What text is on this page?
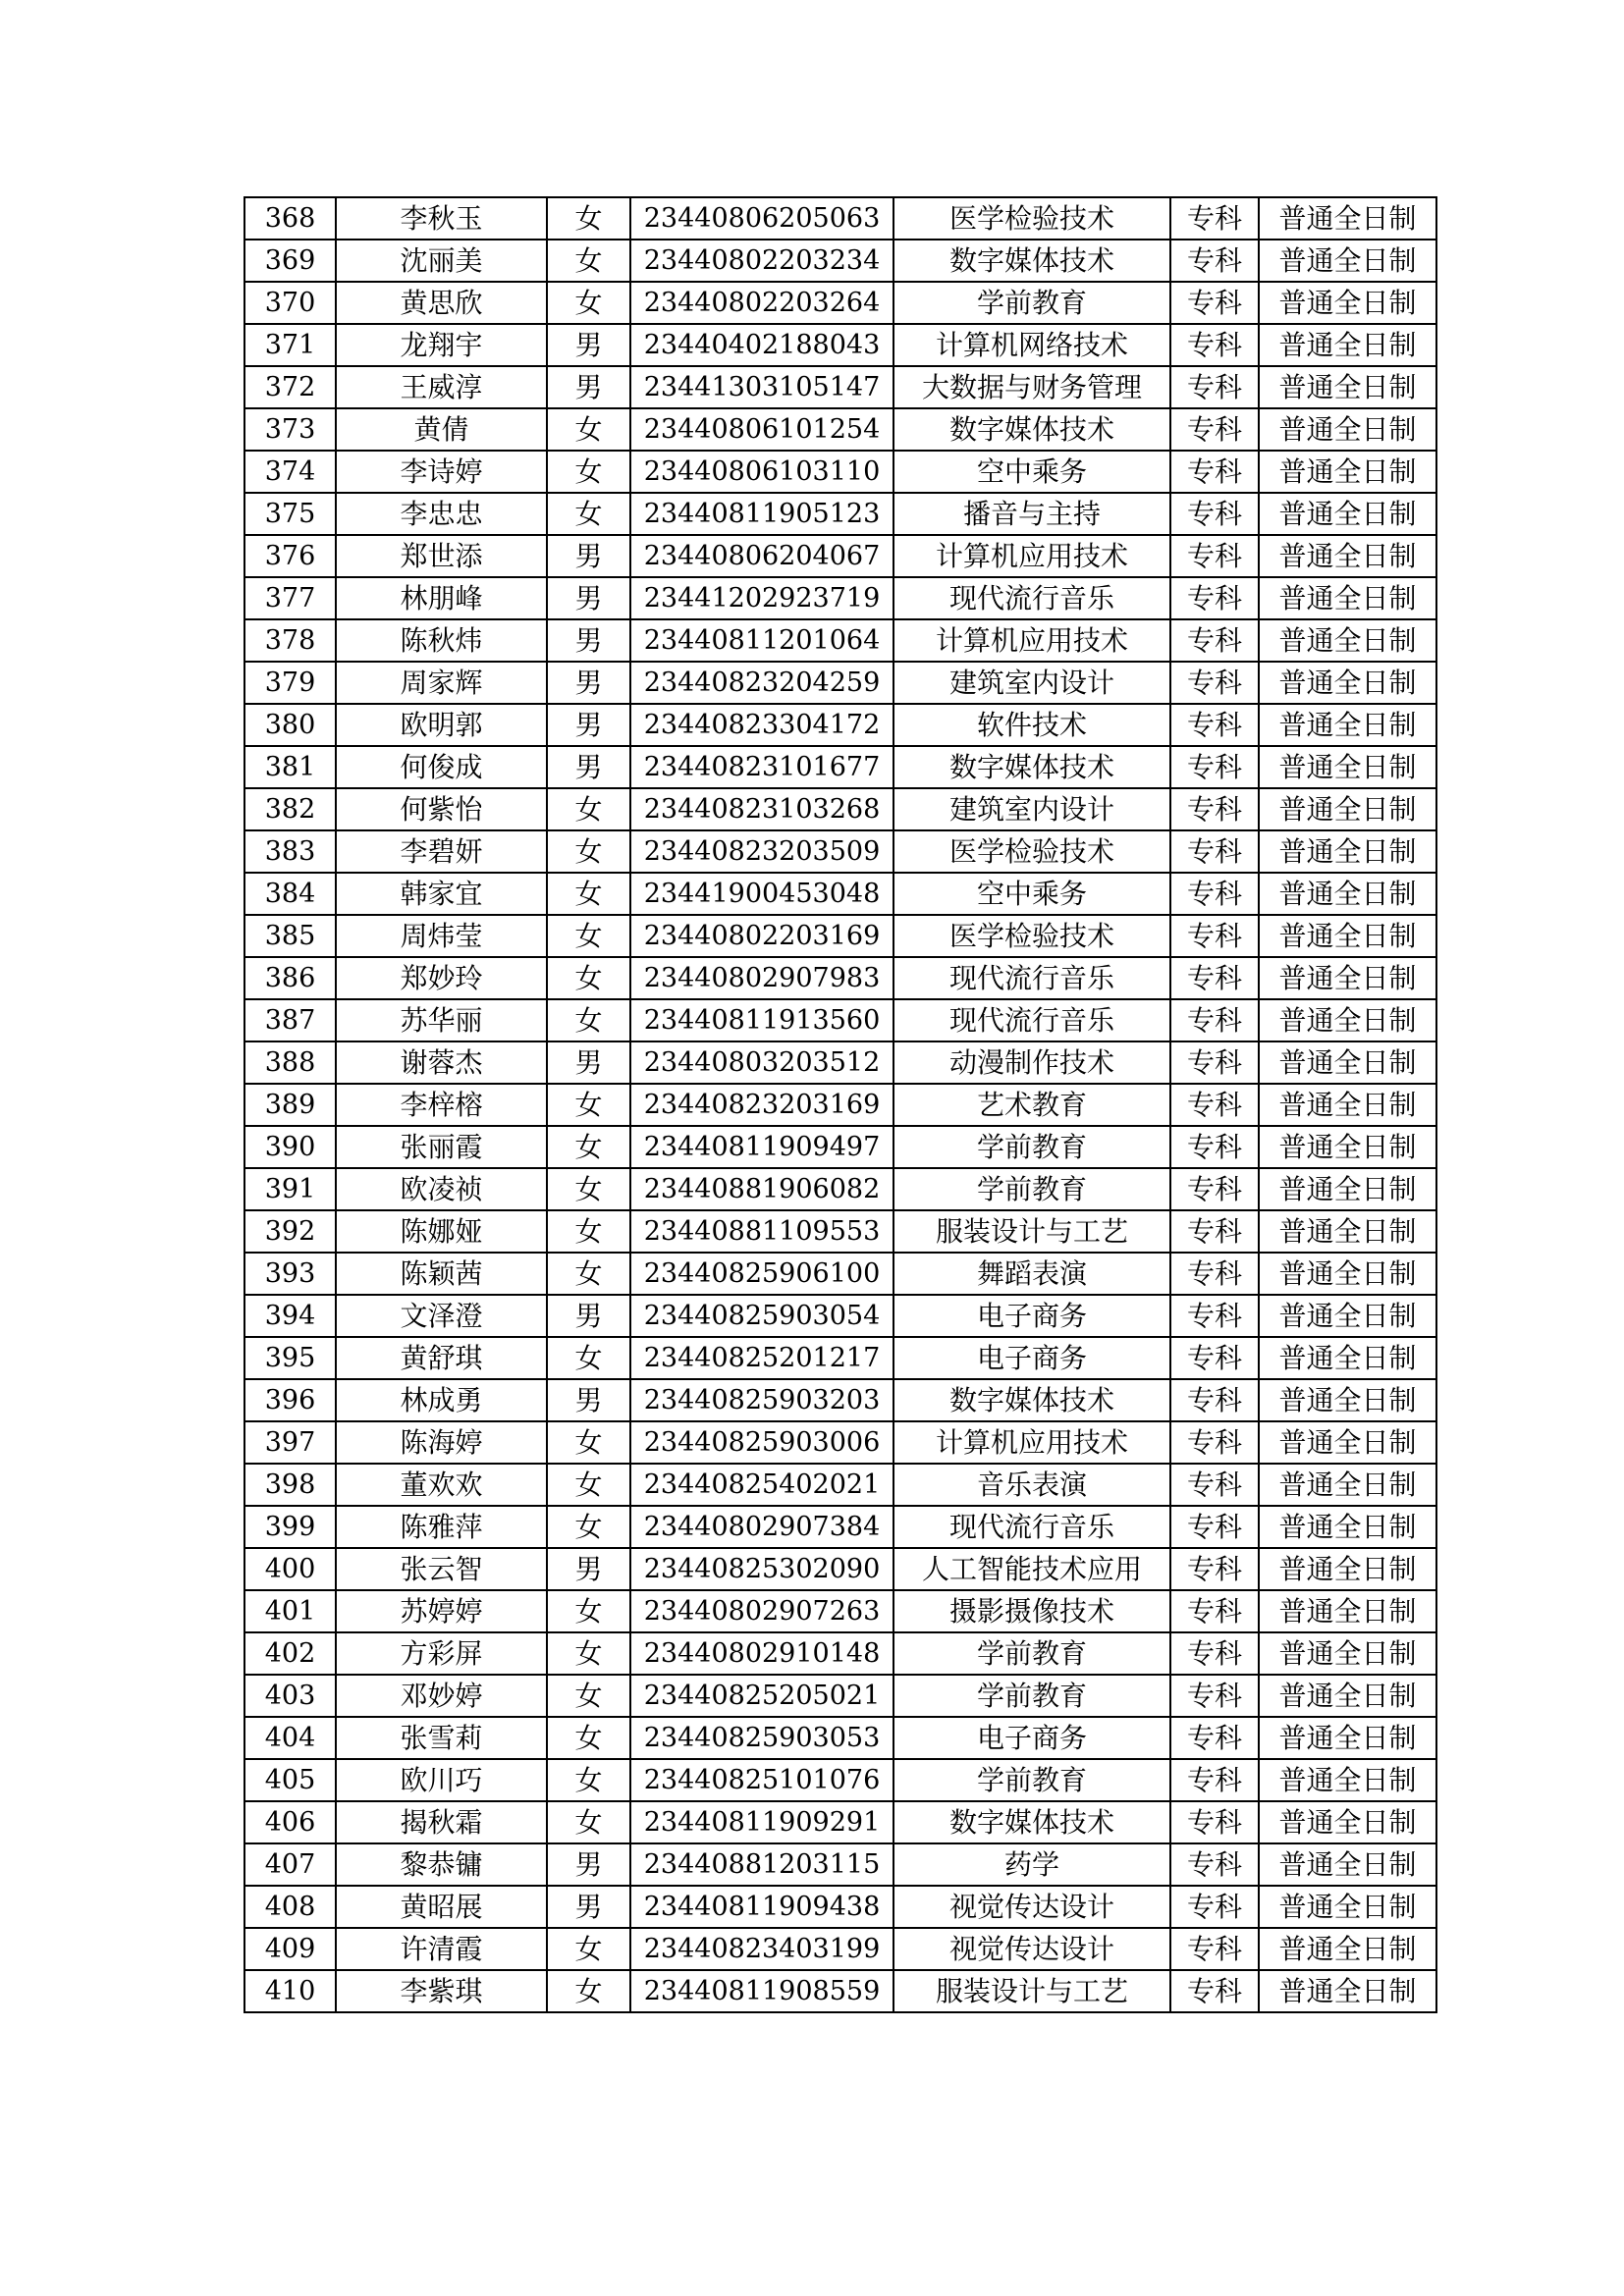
368	李秋玉	女	23440806205063	医学检验技术	专科	普通全日制
369	沈丽美	女	23440802203234	数字媒体技术	专科	普通全日制
370	黄思欣	女	23440802203264	学前教育	专科	普通全日制
371	龙翔宇	男	23440402188043	计算机网络技术	专科	普通全日制
372	王威淳	男	23441303105147	大数据与财务管理	专科	普通全日制
373	黄倩	女	23440806101254	数字媒体技术	专科	普通全日制
374	李诗婷	女	23440806103110	空中乘务	专科	普通全日制
375	李忠忠	女	23440811905123	播音与主持	专科	普通全日制
376	郑世添	男	23440806204067	计算机应用技术	专科	普通全日制
377	林朋峰	男	23441202923719	现代流行音乐	专科	普通全日制
378	陈秋炜	男	23440811201064	计算机应用技术	专科	普通全日制
379	周家辉	男	23440823204259	建筑室内设计	专科	普通全日制
380	欧明郭	男	23440823304172	软件技术	专科	普通全日制
381	何俊成	男	23440823101677	数字媒体技术	专科	普通全日制
382	何紫怡	女	23440823103268	建筑室内设计	专科	普通全日制
383	李碧妍	女	23440823203509	医学检验技术	专科	普通全日制
384	韩家宜	女	23441900453048	空中乘务	专科	普通全日制
385	周炜莹	女	23440802203169	医学检验技术	专科	普通全日制
386	郑妙玲	女	23440802907983	现代流行音乐	专科	普通全日制
387	苏华丽	女	23440811913560	现代流行音乐	专科	普通全日制
388	谢蓉杰	男	23440803203512	动漫制作技术	专科	普通全日制
389	李梓榕	女	23440823203169	艺术教育	专科	普通全日制
390	张丽霞	女	23440811909497	学前教育	专科	普通全日制
391	欧凌祯	女	23440881906082	学前教育	专科	普通全日制
392	陈娜娅	女	23440881109553	服装设计与工艺	专科	普通全日制
393	陈颖茜	女	23440825906100	舞蹈表演	专科	普通全日制
394	文泽澄	男	23440825903054	电子商务	专科	普通全日制
395	黄舒琪	女	23440825201217	电子商务	专科	普通全日制
396	林成勇	男	23440825903203	数字媒体技术	专科	普通全日制
397	陈海婷	女	23440825903006	计算机应用技术	专科	普通全日制
398	董欢欢	女	23440825402021	音乐表演	专科	普通全日制
399	陈雅萍	女	23440802907384	现代流行音乐	专科	普通全日制
400	张云智	男	23440825302090	人工智能技术应用	专科	普通全日制
401	苏婷婷	女	23440802907263	摄影摄像技术	专科	普通全日制
402	方彩屏	女	23440802910148	学前教育	专科	普通全日制
403	邓妙婷	女	23440825205021	学前教育	专科	普通全日制
404	张雪莉	女	23440825903053	电子商务	专科	普通全日制
405	欧川巧	女	23440825101076	学前教育	专科	普通全日制
406	揭秋霜	女	23440811909291	数字媒体技术	专科	普通全日制
407	黎恭镛	男	23440881203115	药学	专科	普通全日制
408	黄昭展	男	23440811909438	视觉传达设计	专科	普通全日制
409	许清霞	女	23440823403199	视觉传达设计	专科	普通全日制
410	李紫琪	女	23440811908559	服装设计与工艺	专科	普通全日制
